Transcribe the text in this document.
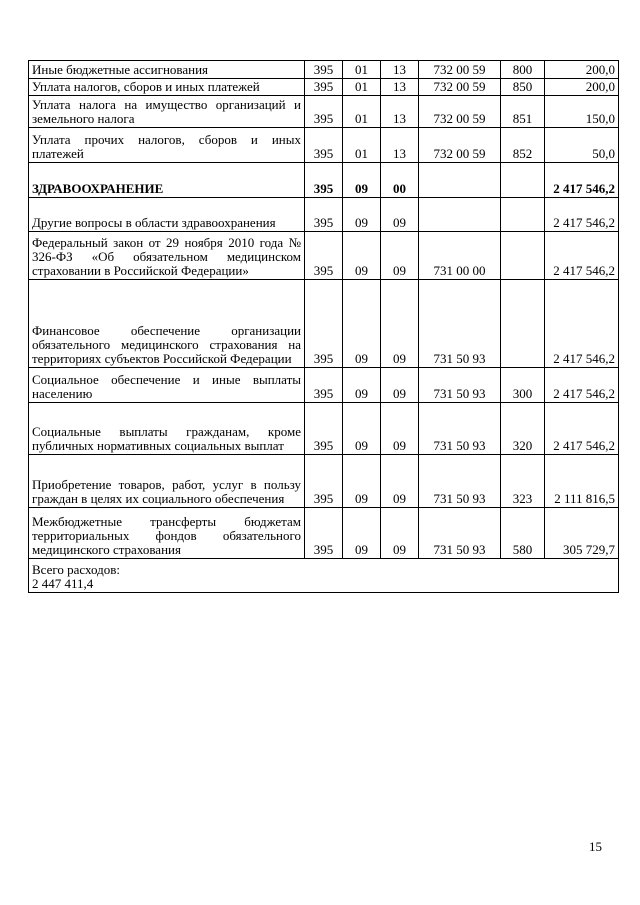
Иные бюджетные ассигнования	395	01	13	732 00 59	800	200,0
Уплата налогов, сборов и иных платежей	395	01	13	732 00 59	850	200,0
Уплата налога на имущество организаций и земельного налога	395	01	13	732 00 59	851	150,0
Уплата прочих налогов, сборов и иных платежей	395	01	13	732 00 59	852	50,0
ЗДРАВООХРАНЕНИЕ	395	09	00			2 417 546,2
Другие вопросы в области здравоохранения	395	09	09			2 417 546,2
Федеральный закон от 29 ноября 2010 года № 326-ФЗ «Об обязательном медицинском страховании в Российской Федерации»	395	09	09	731 00 00		2 417 546,2
Финансовое обеспечение организации обязательного медицинского страхования на территориях субъектов Российской Федерации	395	09	09	731 50 93		2 417 546,2
Социальное обеспечение и иные выплаты населению	395	09	09	731 50 93	300	2 417 546,2
Социальные выплаты гражданам, кроме публичных нормативных социальных выплат	395	09	09	731 50 93	320	2 417 546,2
Приобретение товаров, работ, услуг в пользу граждан в целях их социального обеспечения	395	09	09	731 50 93	323	2 111 816,5
Межбюджетные трансферты бюджетам территориальных фондов обязательного медицинского страхования	395	09	09	731 50 93	580	305 729,7

Всего расходов:
2 447 411,4						
15
